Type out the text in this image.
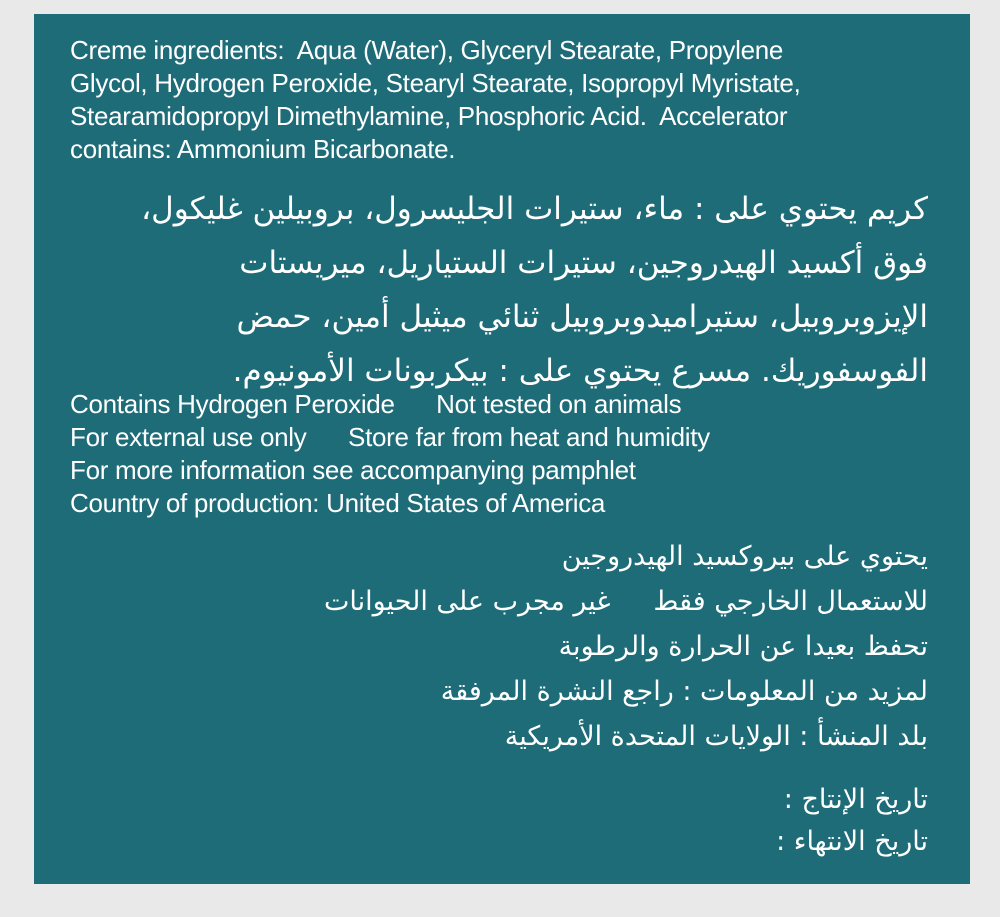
Creme ingredients:  Aqua (Water), Glyceryl Stearate, Propylene
Glycol, Hydrogen Peroxide, Stearyl Stearate, Isopropyl Myristate,
Stearamidopropyl Dimethylamine, Phosphoric Acid.  Accelerator
contains: Ammonium Bicarbonate.
كريم يحتوي على : ماء، ستيرات الجليسرول، بروبيلين غليكول،
فوق أكسيد الهيدروجين، ستيرات الستياريل، ميريستات
الإيزوبروبيل، ستيراميدوبروبيل ثنائي ميثيل أمين، حمض
الفوسفوريك. مسرع يحتوي على : بيكربونات الأمونيوم.
Contains Hydrogen Peroxide      Not tested on animals
For external use only      Store far from heat and humidity
For more information see accompanying pamphlet
Country of production: United States of America
يحتوي على بيروكسيد الهيدروجين
للاستعمال الخارجي فقط     غير مجرب على الحيوانات
تحفظ بعيدا عن الحرارة والرطوبة
لمزيد من المعلومات : راجع النشرة المرفقة
بلد المنشأ : الولايات المتحدة الأمريكية
تاريخ الإنتاج :
تاريخ الانتهاء :
